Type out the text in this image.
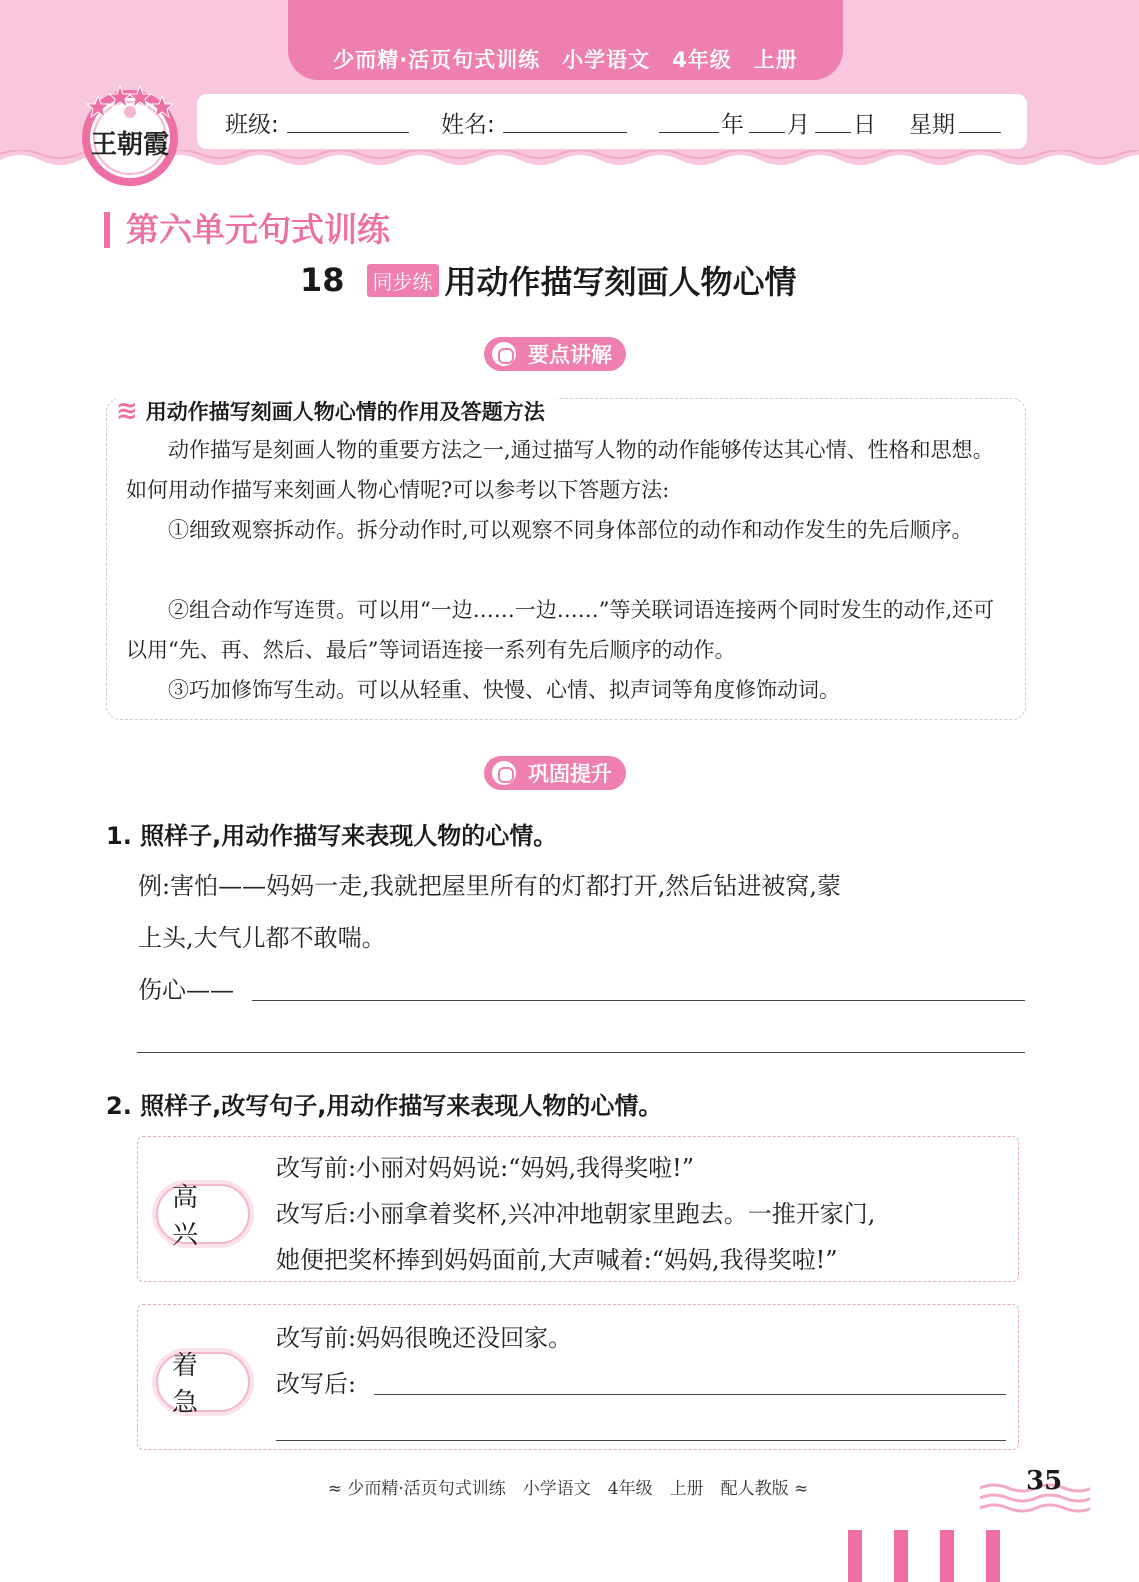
少而精·活页句式训练　小学语文　4年级　上册
班级:	姓名:	年 月 日 星期
王朝霞
第六单元句式训练
18	同步练 用动作描写刻画人物心情
要点讲解
≋ 用动作描写刻画人物心情的作用及答题方法
　　动作描写是刻画人物的重要方法之一,通过描写人物的动作能够传达其心情、性格和思想。如何用动作描写来刻画人物心情呢?可以参考以下答题方法:
　　①细致观察拆动作。拆分动作时,可以观察不同身体部位的动作和动作发生的先后顺序。
　　②组合动作写连贯。可以用“一边……一边……”等关联词语连接两个同时发生的动作,还可以用“先、再、然后、最后”等词语连接一系列有先后顺序的动作。
　　③巧加修饰写生动。可以从轻重、快慢、心情、拟声词等角度修饰动词。
巩固提升
1. 照样子,用动作描写来表现人物的心情。
例:害怕——妈妈一走,我就把屋里所有的灯都打开,然后钻进被窝,蒙
上头,大气儿都不敢喘。
伤心——
2. 照样子,改写句子,用动作描写来表现人物的心情。
高兴
改写前:小丽对妈妈说:“妈妈,我得奖啦!”
改写后:小丽拿着奖杯,兴冲冲地朝家里跑去。一推开家门,
她便把奖杯捧到妈妈面前,大声喊着:“妈妈,我得奖啦!”
着急
改写前:妈妈很晚还没回家。
改写后:
≈ 少而精·活页句式训练　小学语文　4年级　上册　配人教版 ≈	35
